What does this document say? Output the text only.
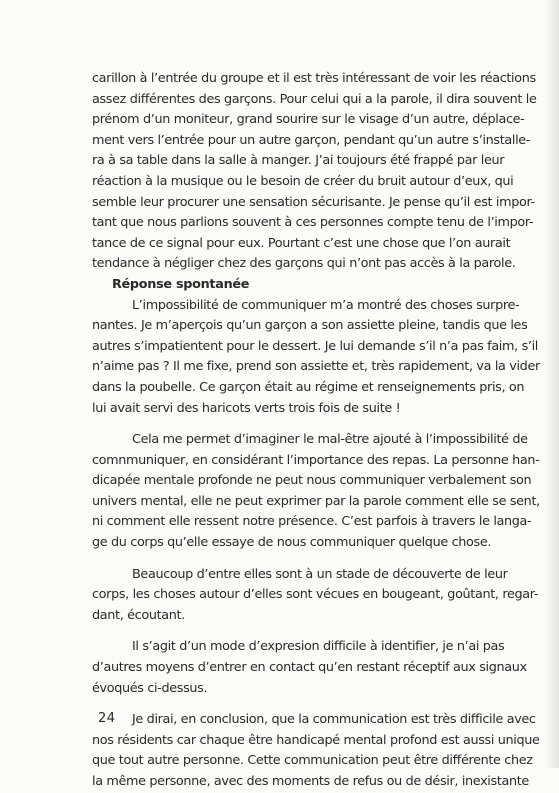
carillon à l’entrée du groupe et il est très intéressant de voir les réactions
assez différentes des garçons. Pour celui qui a la parole, il dira souvent le
prénom d’un moniteur, grand sourire sur le visage d’un autre, déplace-
ment vers l’entrée pour un autre garçon, pendant qu’un autre s’installe-
ra à sa table dans la salle à manger. J’ai toujours été frappé par leur
réaction à la musique ou le besoin de créer du bruit autour d’eux, qui
semble leur procurer une sensation sécurisante. Je pense qu’il est impor-
tant que nous parlions souvent à ces personnes compte tenu de l’impor-
tance de ce signal pour eux. Pourtant c’est une chose que l’on aurait
tendance à négliger chez des garçons qui n’ont pas accès à la parole.
Réponse spontanée
L’impossibilité de communiquer m’a montré des choses surpre-
nantes. Je m’aperçois qu’un garçon a son assiette pleine, tandis que les
autres s’impatientent pour le dessert. Je lui demande s’il n’a pas faim, s’il
n’aime pas ? Il me fixe, prend son assiette et, très rapidement, va la vider
dans la poubelle. Ce garçon était au régime et renseignements pris, on
lui avait servi des haricots verts trois fois de suite !
Cela me permet d’imaginer le mal-être ajouté à l’impossibilité de
comnmuniquer, en considérant l’importance des repas. La personne han-
dicapée mentale profonde ne peut nous communiquer verbalement son
univers mental, elle ne peut exprimer par la parole comment elle se sent,
ni comment elle ressent notre présence. C’est parfois à travers le langa-
ge du corps qu’elle essaye de nous communiquer quelque chose.
Beaucoup d’entre elles sont à un stade de découverte de leur
corps, les choses autour d’elles sont vécues en bougeant, goûtant, regar-
dant, écoutant.
Il s’agit d’un mode d’expresion difficile à identifier, je n’ai pas
d’autres moyens d’entrer en contact qu’en restant réceptif aux signaux
évoqués ci-dessus.
Je dirai, en conclusion, que la communication est très difficile avec
nos résidents car chaque être handicapé mental profond est aussi unique
que tout autre personne. Cette communication peut être différente chez
la même personne, avec des moments de refus ou de désir, inexistante
24
